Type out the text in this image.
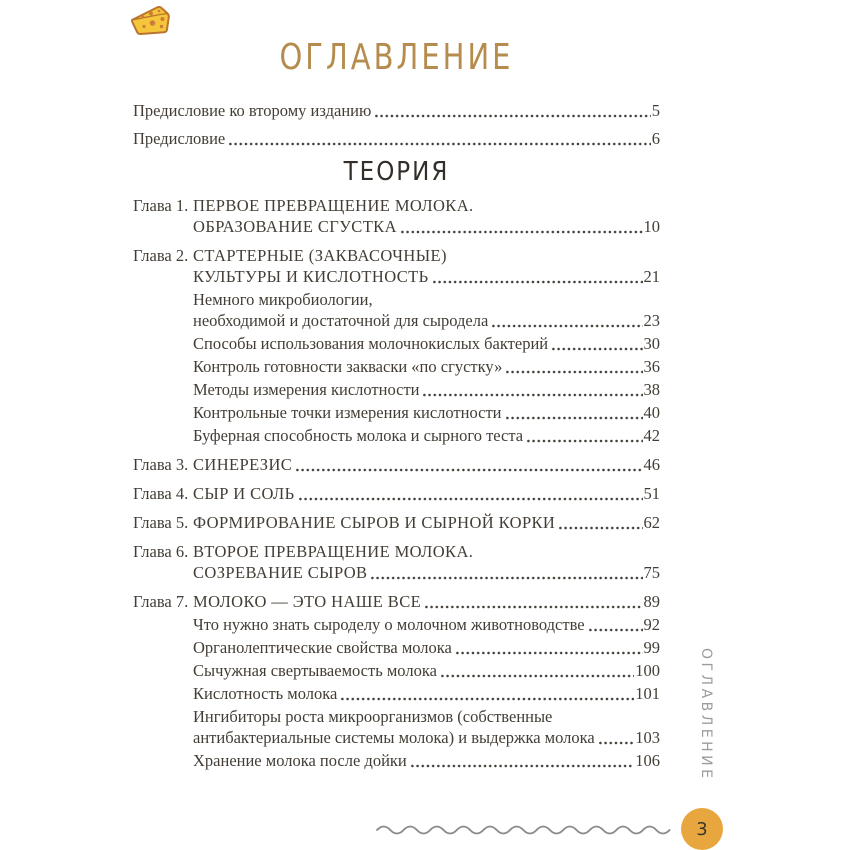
ОГЛАВЛЕНИЕ
Предисловие ко второму изданию	5
Предисловие	6
ТЕОРИЯ
Глава 1. ПЕРВОЕ ПРЕВРАЩЕНИЕ МОЛОКА.
ОБРАЗОВАНИЕ СГУСТКА	10
Глава 2. СТАРТЕРНЫЕ (ЗАКВАСОЧНЫЕ)
КУЛЬТУРЫ И КИСЛОТНОСТЬ	21
Немного микробиологии,
необходимой и достаточной для сыродела	23
Способы использования молочнокислых бактерий	30
Контроль готовности закваски «по сгустку»	36
Методы измерения кислотности	38
Контрольные точки измерения кислотности	40
Буферная способность молока и сырного теста	42
Глава 3. СИНЕРЕЗИС	46
Глава 4. СЫР И СОЛЬ	51
Глава 5. ФОРМИРОВАНИЕ СЫРОВ И СЫРНОЙ КОРКИ	62
Глава 6. ВТОРОЕ ПРЕВРАЩЕНИЕ МОЛОКА.
СОЗРЕВАНИЕ СЫРОВ	75
Глава 7. МОЛОКО — ЭТО НАШЕ ВСЕ	89
Что нужно знать сыроделу о молочном животноводстве	92
Органолептические свойства молока	99
Сычужная свертываемость молока	100
Кислотность молока	101
Ингибиторы роста микроорганизмов (собственные
антибактериальные системы молока) и выдержка молока 103
Хранение молока после дойки	106	ОГЛАВЛЕНИЕ
3
